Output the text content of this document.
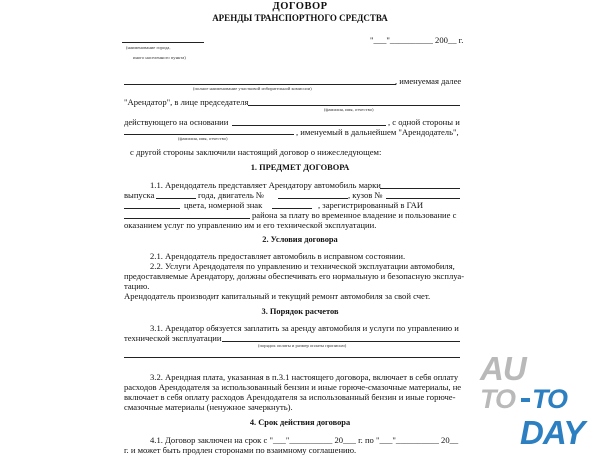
ДОГОВОР
АРЕНДЫ ТРАНСПОРТНОГО СРЕДСТВА
(наименование города,
иного населенного пункта)
"___"__________ 200__ г.
, именуемая далее
(полное наименование участковой избирательной комиссии)
"Арендатор", в лице председателя
(фамилия, имя, отчество)
действующего на основании	, с одной стороны и
, именуемый в дальнейшем "Арендодатель",
(фамилия, имя, отчество)
с другой стороны заключили настоящий договор о нижеследующем:
1. ПРЕДМЕТ ДОГОВОРА
1.1. Арендодатель представляет Арендатору автомобиль марки
выпуска	года, двигатель №	, кузов №
цвета, номерной знак	, зарегистрированный в ГАИ
района за плату во временное владение и пользование с
оказанием услуг по управлению им и его технической эксплуатации.
2. Условия договора
2.1. Арендодатель предоставляет автомобиль в исправном состоянии.
2.2. Услуги Арендодателя по управлению и технической эксплуатации автомобиля,
предоставляемые Арендатору, должны обеспечивать его нормальную и безопасную эксплуа-
тацию.
Арендодатель производит капитальный и текущий ремонт автомобиля за свой счет.
3. Порядок расчетов
3.1. Арендатор обязуется заплатить за аренду автомобиля и услуги по управлению и
технической эксплуатации
(порядок оплаты и размер оплаты прописью)
3.2. Арендная плата, указанная в п.3.1 настоящего договора, включает в себя оплату
расходов Арендодателя за использованный бензин и иные горюче-смазочные материалы, не
включает в себя оплату расходов Арендодателя за использованный бензин и иные горюче-
смазочные материалы (ненужное зачеркнуть).
4. Срок действия договора
4.1. Договор заключен на срок с "___"__________ 20___ г. по "___"__________ 20__
г. и может быть продлен сторонами по взаимному соглашению.
AU
TO TO
DAY
